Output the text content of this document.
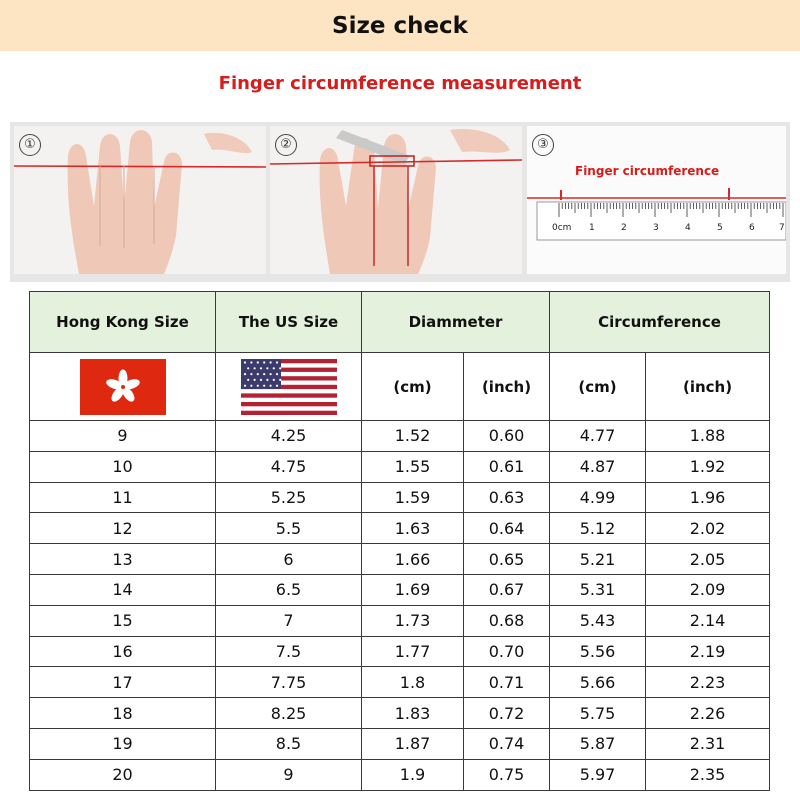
Size check
Finger circumference measurement
①	②	③
Finger circumference
0cm 1	2	3	4	5	6	7
Hong Kong Size	The US Size	Diammeter		Circumference	
		(cm)	(inch)	(cm)	(inch)
9	4.25	1.52	0.60	4.77	1.88
10	4.75	1.55	0.61	4.87	1.92
11	5.25	1.59	0.63	4.99	1.96
12	5.5	1.63	0.64	5.12	2.02
13	6	1.66	0.65	5.21	2.05
14	6.5	1.69	0.67	5.31	2.09
15	7	1.73	0.68	5.43	2.14
16	7.5	1.77	0.70	5.56	2.19
17	7.75	1.8	0.71	5.66	2.23
18	8.25	1.83	0.72	5.75	2.26
19	8.5	1.87	0.74	5.87	2.31
20	9	1.9	0.75	5.97	2.35
